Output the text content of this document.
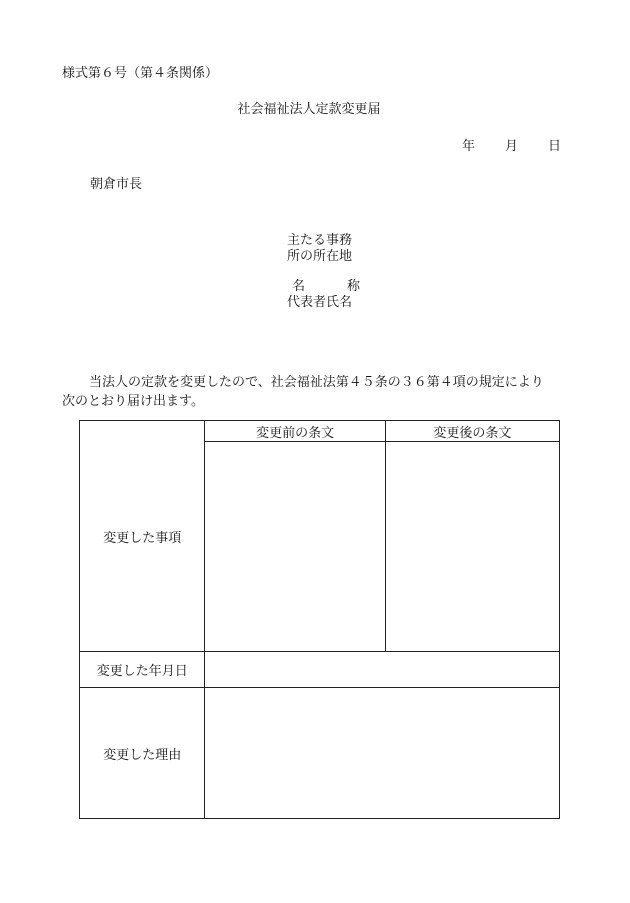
様式第６号（第４条関係）
社会福祉法人定款変更届
年 月 日
朝倉市長
主たる事務
所の所在地
名	称
代表者氏名
当法人の定款を変更したので、社会福祉法第４５条の３６第４項の規定により
次のとおり届け出ます。
変更した事項	変更前の条文	変更後の条文

変更した年月日		
変更した理由		
